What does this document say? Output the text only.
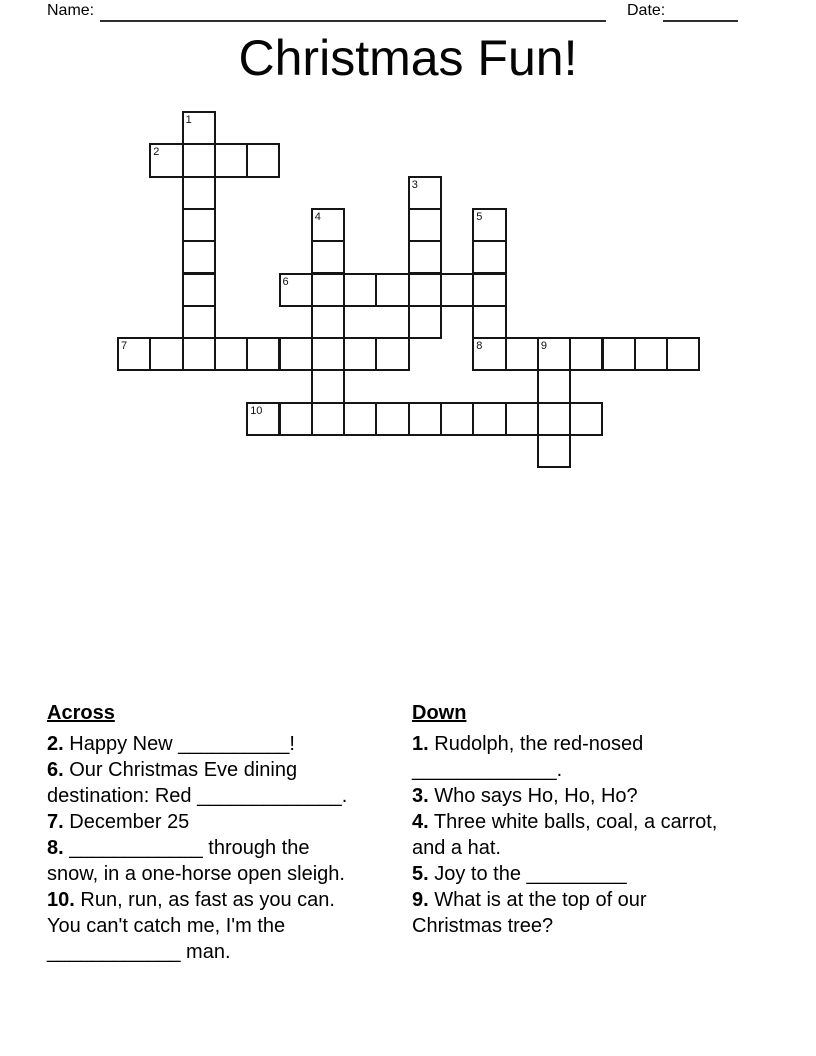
Name:	Date:
Christmas Fun!
1
2
3
4	5
6
7	8	9
10
Across
2. Happy New __________!
6. Our Christmas Eve dining destination: Red _____________.
7. December 25
8. ____________ through the snow, in a one-horse open sleigh.
10. Run, run, as fast as you can. You can't catch me, I'm the ____________ man.
Down
1. Rudolph, the red-nosed _____________.
3. Who says Ho, Ho, Ho?
4. Three white balls, coal, a carrot, and a hat.
5. Joy to the _________
9. What is at the top of our Christmas tree?
